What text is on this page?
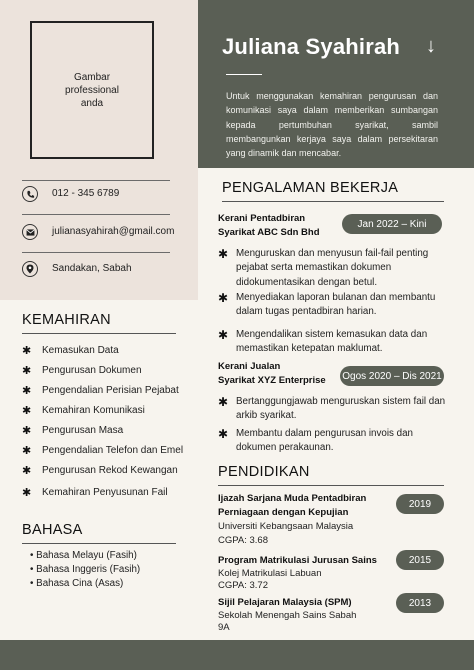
Gambar
professional
anda
Juliana Syahirah ↓
Untuk menggunakan kemahiran pengurusan dan komunikasi saya dalam memberikan sumbangan kepada pertumbuhan syarikat, sambil membangunkan kerjaya saya dalam persekitaran yang dinamik dan mencabar.
012 - 345 6789
julianasyahirah@gmail.com
Sandakan, Sabah
KEMAHIRAN
✱	Kemasukan Data
✱	Pengurusan Dokumen
✱	Pengendalian Perisian Pejabat
✱	Kemahiran Komunikasi
✱	Pengurusan Masa
✱	Pengendalian Telefon dan Emel
✱	Pengurusan Rekod Kewangan
✱	Kemahiran Penyusunan Fail
BAHASA
• Bahasa Melayu (Fasih)
• Bahasa Inggeris (Fasih)
• Bahasa Cina (Asas)
PENGALAMAN BEKERJA
Kerani Pentadbiran
Syarikat ABC Sdn Bhd
Jan 2022 – Kini
✱ Menguruskan dan menyusun fail-fail penting pejabat serta memastikan dokumen didokumentasikan dengan betul.
✱ Menyediakan laporan bulanan dan membantu dalam tugas pentadbiran harian.
✱ Mengendalikan sistem kemasukan data dan memastikan ketepatan maklumat.
Kerani Jualan
Syarikat XYZ Enterprise Ogos 2020 – Dis 2021
✱ Bertanggungjawab menguruskan sistem fail dan arkib syarikat.
✱ Membantu dalam pengurusan invois dan dokumen perakaunan.
PENDIDIKAN
Ijazah Sarjana Muda Pentadbiran
Perniagaan dengan Kepujian
Universiti Kebangsaan Malaysia
CGPA: 3.68
2019
Program Matrikulasi Jurusan Sains
Kolej Matrikulasi Labuan
CGPA: 3.72
2015
Sijil Pelajaran Malaysia (SPM)
Sekolah Menengah Sains Sabah
9A
2013
